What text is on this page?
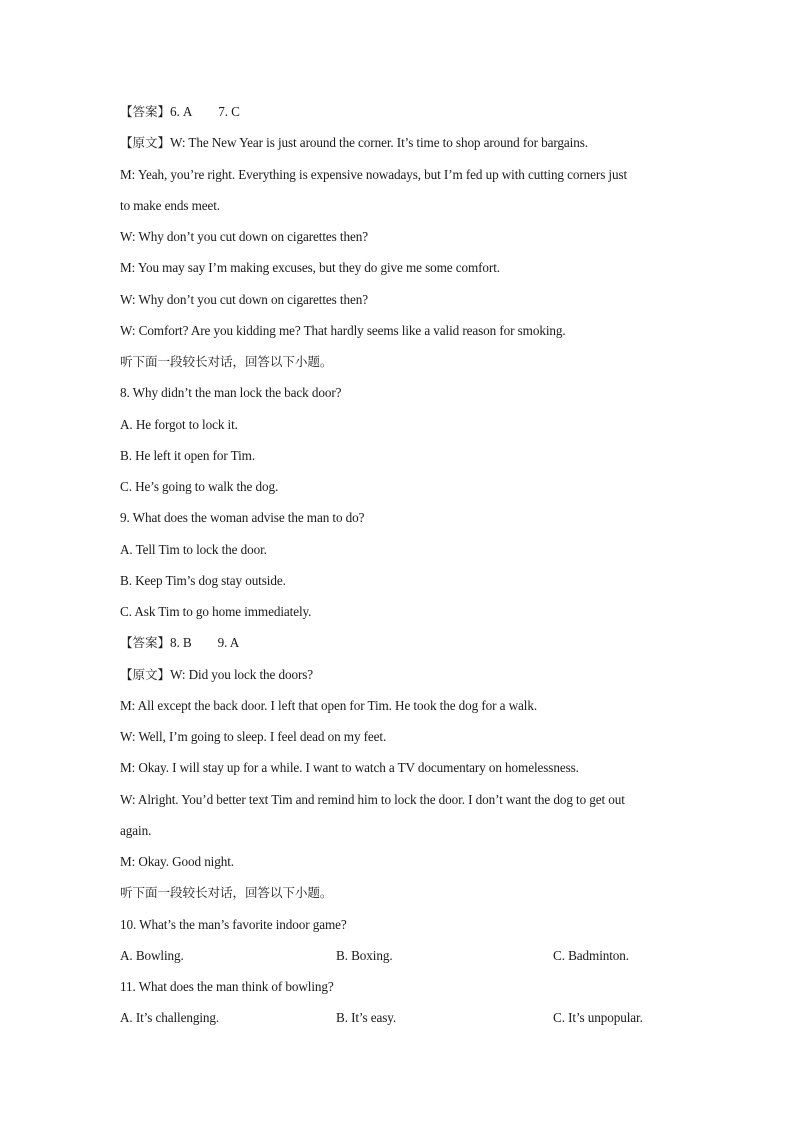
【答案】6. A 7. C
【原文】W: The New Year is just around the corner. It’s time to shop around for bargains.
M: Yeah, you’re right. Everything is expensive nowadays, but I’m fed up with cutting corners just
to make ends meet.
W: Why don’t you cut down on cigarettes then?
M: You may say I’m making excuses, but they do give me some comfort.
W: Why don’t you cut down on cigarettes then?
W: Comfort? Are you kidding me? That hardly seems like a valid reason for smoking.
听下面一段较长对话，回答以下小题。
8. Why didn’t the man lock the back door?
A. He forgot to lock it.
B. He left it open for Tim.
C. He’s going to walk the dog.
9. What does the woman advise the man to do?
A. Tell Tim to lock the door.
B. Keep Tim’s dog stay outside.
C. Ask Tim to go home immediately.
【答案】8. B 9. A
【原文】W: Did you lock the doors?
M: All except the back door. I left that open for Tim. He took the dog for a walk.
W: Well, I’m going to sleep. I feel dead on my feet.
M: Okay. I will stay up for a while. I want to watch a TV documentary on homelessness.
W: Alright. You’d better text Tim and remind him to lock the door. I don’t want the dog to get out
again.
M: Okay. Good night.
听下面一段较长对话，回答以下小题。
10. What’s the man’s favorite indoor game?
A. Bowling.	B. Boxing.	C. Badminton.
11. What does the man think of bowling?
A. It’s challenging.	B. It’s easy.	C. It’s unpopular.
